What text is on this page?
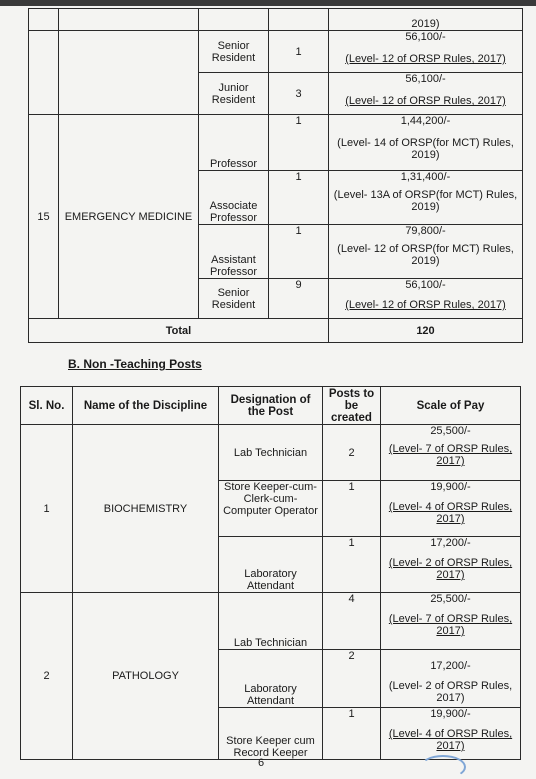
				2019)
		Senior Resident	1	56,100/-
(Level- 12 of ORSP Rules, 2017)

		Junior Resident	3	56,100/-
(Level- 12 of ORSP Rules, 2017)

15	EMERGENCY MEDICINE	Professor	1	1,44,200/-
(Level- 14 of ORSP(for MCT) Rules, 2019)

		Associate Professor	1	1,31,400/-
(Level- 13A of ORSP(for MCT) Rules, 2019)

		Assistant Professor	1	79,800/-
(Level- 12 of ORSP(for MCT) Rules, 2019)

		Senior Resident	9	56,100/-
(Level- 12 of ORSP Rules, 2017)

Total				120
B. Non -Teaching Posts
Sl. No.	Name of the Discipline	Designation of the Post	Posts to be created	Scale of Pay
1	BIOCHEMISTRY	Lab Technician	2	25,500/-
(Level- 7 of ORSP Rules, 2017)

		Store Keeper-cum-Clerk-cum-Computer Operator	1	19,900/-
(Level- 4 of ORSP Rules, 2017)

		Laboratory Attendant	1	17,200/-
(Level- 2 of ORSP Rules, 2017)

2	PATHOLOGY	Lab Technician	4	25,500/-
(Level- 7 of ORSP Rules, 2017)

		Laboratory Attendant	2	17,200/-
(Level- 2 of ORSP Rules, 2017)

		Store Keeper cum Record Keeper	1	19,900/-
(Level- 4 of ORSP Rules, 2017)
6
